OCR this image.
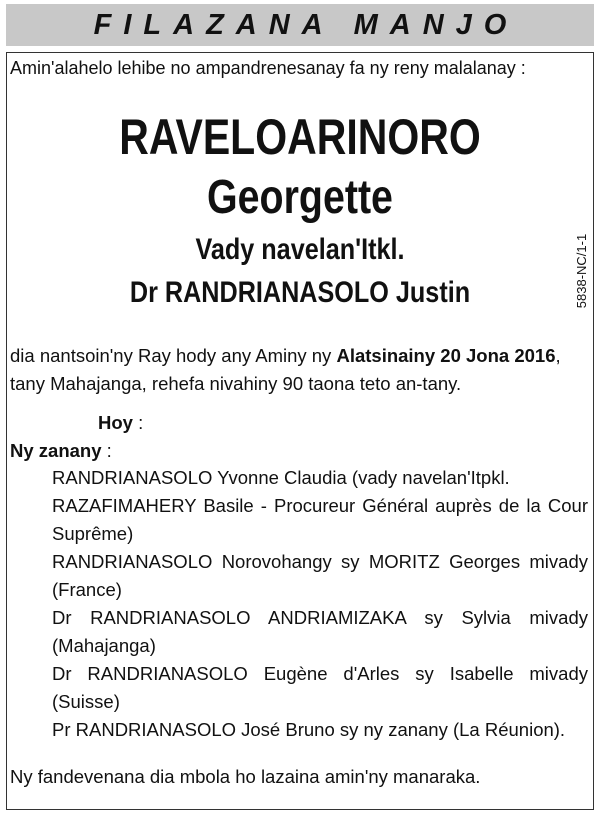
FILAZANA MANJO
Amin'alahelo lehibe no ampandrenesanay fa ny reny malalanay :
RAVELOARINORO
Georgette
Vady navelan'Itkl.
Dr RANDRIANASOLO Justin	5838-NC/1-1
dia nantsoin'ny Ray hody any Aminy ny Alatsinainy 20 Jona 2016, tany Mahajanga, rehefa nivahiny 90 taona teto an-tany.
Hoy :
Ny zanany :
RANDRIANASOLO Yvonne Claudia (vady navelan'Itpkl.
RAZAFIMAHERY Basile - Procureur Général auprès de la Cour Suprême)
RANDRIANASOLO Norovohangy sy MORITZ Georges mivady (France)
Dr RANDRIANASOLO ANDRIAMIZAKA sy Sylvia mivady (Mahajanga)
Dr RANDRIANASOLO Eugène d'Arles sy Isabelle mivady (Suisse)
Pr RANDRIANASOLO José Bruno sy ny zanany (La Réunion).
Ny fandevenana dia mbola ho lazaina amin'ny manaraka.
